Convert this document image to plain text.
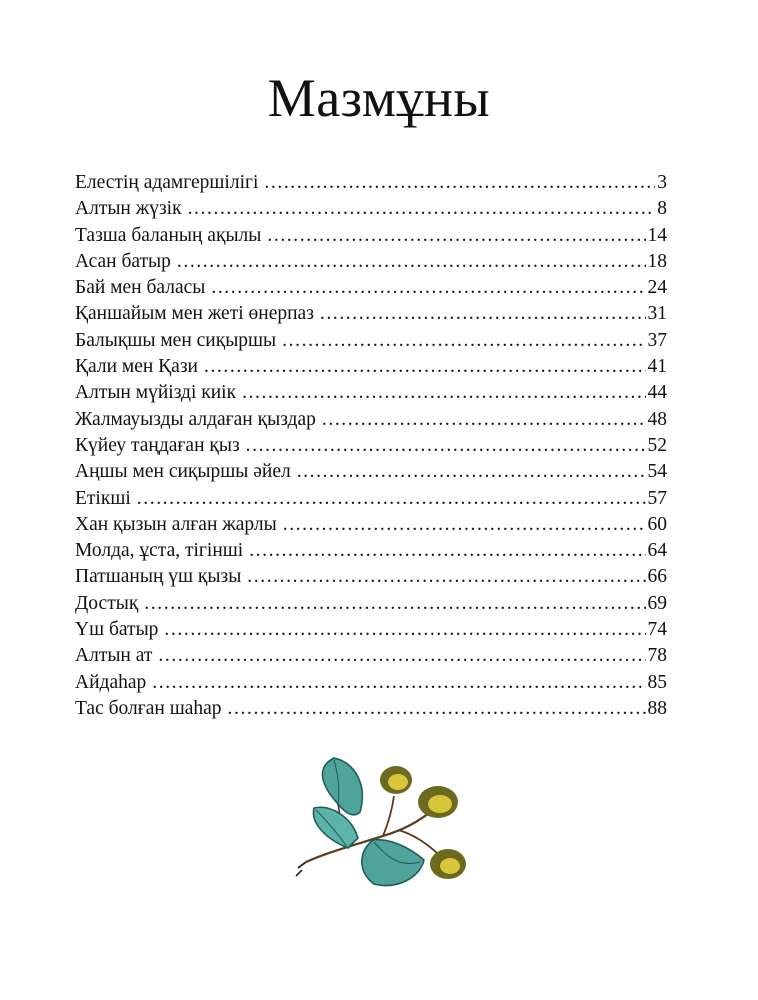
Мазмұны
Елестің адамгершілігі .....	3
Алтын жүзік .....	8
Тазша баланың ақылы .....	14
Асан батыр .....	18
Бай мен баласы .....	24
Қаншайым мен жеті өнерпаз .....	31
Балықшы мен сиқыршы .....	37
Қали мен Қази .....	41
Алтын мүйізді киік .....	44
Жалмауызды алдаған қыздар .....	48
Күйеу таңдаған қыз .....	52
Аңшы мен сиқыршы әйел .....	54
Етікші .....	57
Хан қызын алған жарлы .....	60
Молда, ұста, тігінші .....	64
Патшаның үш қызы .....	66
Достық .....	69
Үш батыр .....	74
Алтын ат .....	78
Айдаһар .....	85
Тас болған шаһар .....	88
